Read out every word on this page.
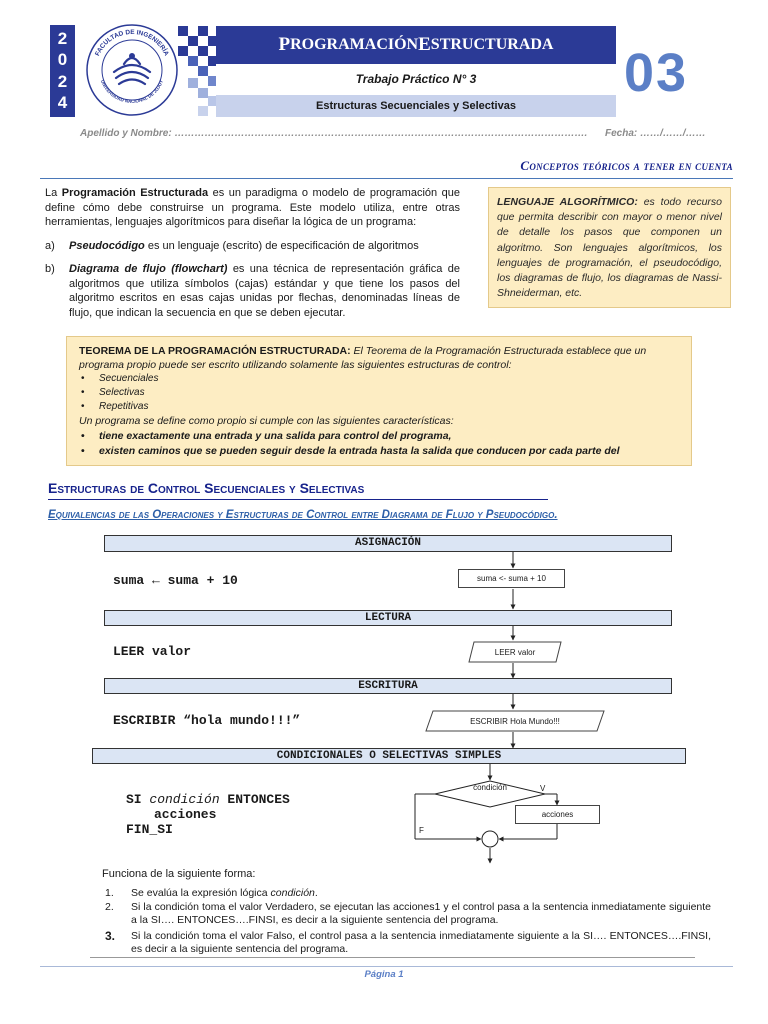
2
0
2
4
FACULTAD DE INGENIERÍA
UNIVERSIDAD NACIONAL DE JUJUY
P ROGRAMACIÓN E STRUCTURADA
Trabajo Práctico N° 3
Estructuras Secuenciales y Selectivas
03
Apellido y Nombre: ……………………………………………………………………………………………………………. Fecha: ……/……/……
Conceptos teóricos a tener en cuenta
La Programación Estructurada es un paradigma o modelo de programación que define cómo debe construirse un programa. Este modelo utiliza, entre otras herramientas, lenguajes algorítmicos para diseñar la lógica de un programa:
a) Pseudocódigo es un lenguaje (escrito) de especificación de algoritmos
b) Diagrama de flujo (flowchart) es una técnica de representación gráfica de algoritmos que utiliza símbolos (cajas) estándar y que tiene los pasos del algoritmo escritos en esas cajas unidas por flechas, denominadas líneas de flujo, que indican la secuencia en que se deben ejecutar.
LENGUAJE ALGORÍTMICO: es todo recurso que permita describir con mayor o menor nivel de detalle los pasos que componen un algoritmo. Son lenguajes algorítmicos, los lenguajes de programación, el pseudocódigo, los diagramas de flujo, los diagramas de Nassi-Shneiderman, etc.
TEOREMA DE LA PROGRAMACIÓN ESTRUCTURADA: El Teorema de la Programación Estructurada establece que un programa propio puede ser escrito utilizando solamente las siguientes estructuras de control:
• Secuenciales
• Selectivas
• Repetitivas
Un programa se define como propio si cumple con las siguientes características:
• tiene exactamente una entrada y una salida para control del programa,
• existen caminos que se pueden seguir desde la entrada hasta la salida que conducen por cada parte del
Estructuras de Control Secuenciales y Selectivas
Equivalencias de las Operaciones y Estructuras de Control entre Diagrama de Flujo y Pseudocódigo.
ASIGNACIÓN
suma ← suma + 10	suma <- suma + 10
LECTURA
LEER valor	LEER valor
ESCRITURA
ESCRIBIR “hola mundo!!!”	ESCRIBIR Hola Mundo!!!
CONDICIONALES O SELECTIVAS SIMPLES
SI condición ENTONCES
acciones
FIN_SI
condición	V
F
acciones
Funciona de la siguiente forma:
1. Se evalúa la expresión lógica condición.
2. Si la condición toma el valor Verdadero, se ejecutan las acciones1 y el control pasa a la sentencia inmediatamente siguiente a la SI…. ENTONCES….FINSI, es decir a la siguiente sentencia del programa.
3. Si la condición toma el valor Falso, el control pasa a la sentencia inmediatamente siguiente a la SI…. ENTONCES….FINSI, es decir a la siguiente sentencia del programa.
Página 1
